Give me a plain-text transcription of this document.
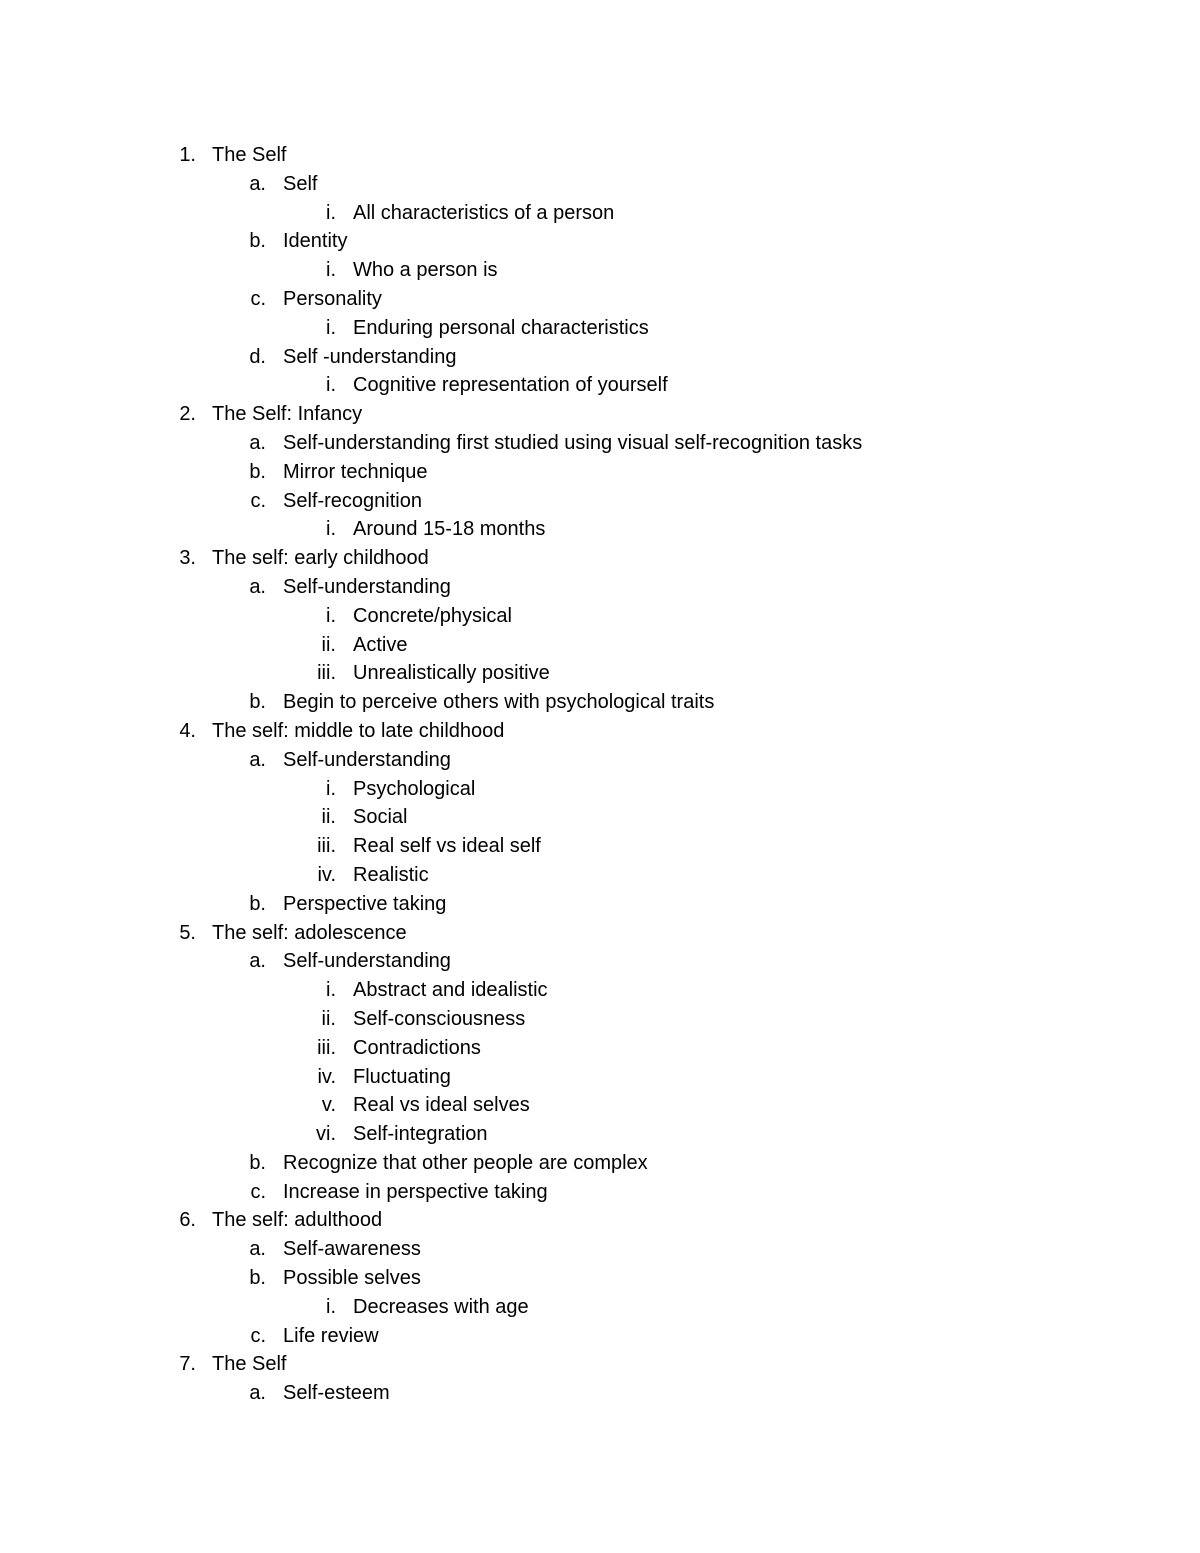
1. The Self
a. Self
i. All characteristics of a person
b. Identity
i. Who a person is
c. Personality
i. Enduring personal characteristics
d. Self -understanding
i. Cognitive representation of yourself
2. The Self: Infancy
a. Self-understanding first studied using visual self-recognition tasks
b. Mirror technique
c. Self-recognition
i. Around 15-18 months
3. The self: early childhood
a. Self-understanding
i. Concrete/physical
ii. Active
iii. Unrealistically positive
b. Begin to perceive others with psychological traits
4. The self: middle to late childhood
a. Self-understanding
i. Psychological
ii. Social
iii. Real self vs ideal self
iv. Realistic
b. Perspective taking
5. The self: adolescence
a. Self-understanding
i. Abstract and idealistic
ii. Self-consciousness
iii. Contradictions
iv. Fluctuating
v. Real vs ideal selves
vi. Self-integration
b. Recognize that other people are complex
c. Increase in perspective taking
6. The self: adulthood
a. Self-awareness
b. Possible selves
i. Decreases with age
c. Life review
7. The Self
a. Self-esteem
